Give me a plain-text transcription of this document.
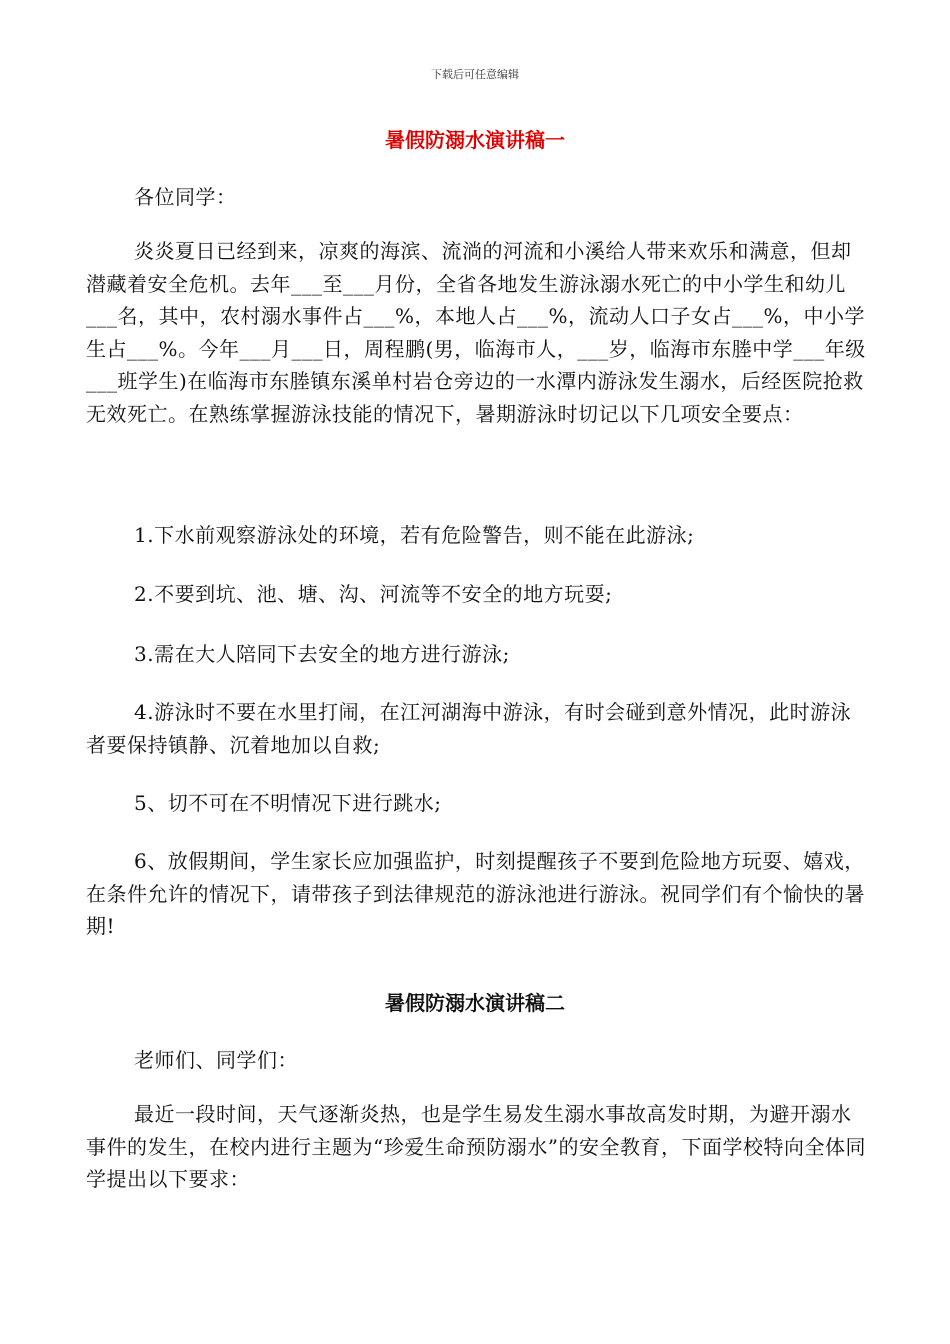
下载后可任意编辑
暑假防溺水演讲稿一

各位同学：

炎炎夏日已经到来，凉爽的海滨、流淌的河流和小溪给人带来欢乐和满意，但却潜藏着安全危机。去年___至___月份，全省各地发生游泳溺水死亡的中小学生和幼儿___名，其中，农村溺水事件占___%，本地人占___%，流动人口子女占___%，中小学生占___%。今年___月___日，周程鹏(男，临海市人，___岁，临海市东塍中学___年级___班学生)在临海市东塍镇东溪单村岩仓旁边的一水潭内游泳发生溺水，后经医院抢救无效死亡。在熟练掌握游泳技能的情况下，暑期游泳时切记以下几项安全要点：

1.下水前观察游泳处的环境，若有危险警告，则不能在此游泳;

2.不要到坑、池、塘、沟、河流等不安全的地方玩耍;

3.需在大人陪同下去安全的地方进行游泳;

4.游泳时不要在水里打闹，在江河湖海中游泳，有时会碰到意外情况，此时游泳者要保持镇静、沉着地加以自救;

5、切不可在不明情况下进行跳水;

6、放假期间，学生家长应加强监护，时刻提醒孩子不要到危险地方玩耍、嬉戏，在条件允许的情况下，请带孩子到法律规范的游泳池进行游泳。祝同学们有个愉快的暑期!

暑假防溺水演讲稿二

老师们、同学们：

最近一段时间，天气逐渐炎热，也是学生易发生溺水事故高发时期，为避开溺水事件的发生，在校内进行主题为“珍爱生命预防溺水”的安全教育，下面学校特向全体同学提出以下要求：
